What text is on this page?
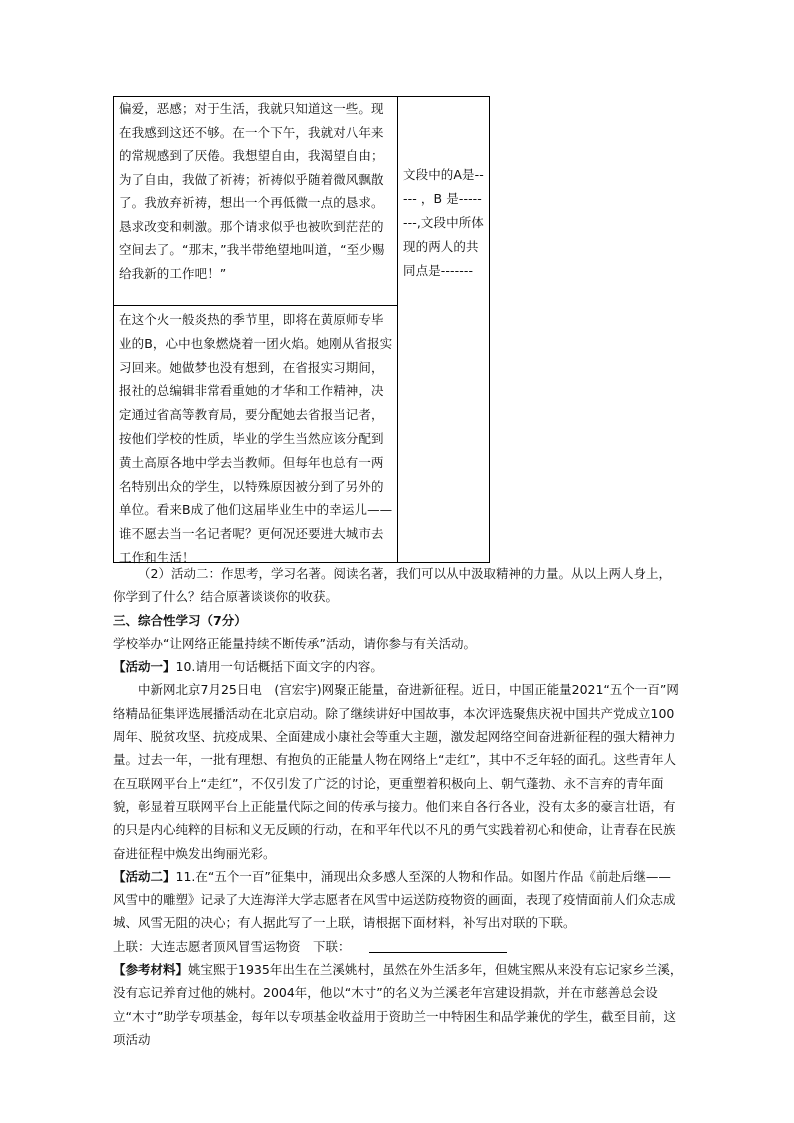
偏爱，恶感；对于生活，我就只知道这一些。现在我感到这还不够。在一个下午，我就对八年来的常规感到了厌倦。我想望自由，我渴望自由；为了自由，我做了祈祷；祈祷似乎随着微风飘散了。我放弃祈祷，想出一个再低微一点的恳求。恳求改变和刺激。那个请求似乎也被吹到茫茫的空间去了。“那末，”我半带绝望地叫道，“至少赐给我新的工作吧！”
在这个火一般炎热的季节里，即将在黄原师专毕业的B，心中也象燃烧着一团火焰。她刚从省报实习回来。她做梦也没有想到，在省报实习期间，报社的总编辑非常看重她的才华和工作精神，决定通过省高等教育局，要分配她去省报当记者，按他们学校的性质，毕业的学生当然应该分配到黄土高原各地中学去当教师。但每年也总有一两名特别出众的学生，以特殊原因被分到了另外的单位。看来B成了他们这届毕业生中的幸运儿——谁不愿去当一名记者呢？更何况还要进大城市去工作和生活！
文段中的A是----- ，B 是--------,文段中所体现的两人的共同点是-------

（2）活动二：作思考，学习名著。阅读名著，我们可以从中汲取精神的力量。从以上两人身上，你学到了什么？结合原著谈谈你的收获。

三、综合性学习（7分）

学校举办“让网络正能量持续不断传承”活动，请你参与有关活动。

【活动一】10.请用一句话概括下面文字的内容。

中新网北京7月25日电　(宫宏宇)网聚正能量，奋进新征程。近日，中国正能量2021“五个一百”网络精品征集评选展播活动在北京启动。除了继续讲好中国故事，本次评选聚焦庆祝中国共产党成立100周年、脱贫攻坚、抗疫成果、全面建成小康社会等重大主题，激发起网络空间奋进新征程的强大精神力量。过去一年，一批有理想、有抱负的正能量人物在网络上“走红”，其中不乏年轻的面孔。这些青年人在互联网平台上“走红”，不仅引发了广泛的讨论，更重塑着积极向上、朝气蓬勃、永不言弃的青年面貌，彰显着互联网平台上正能量代际之间的传承与接力。他们来自各行各业，没有太多的豪言壮语，有的只是内心纯粹的目标和义无反顾的行动，在和平年代以不凡的勇气实践着初心和使命，让青春在民族奋进征程中焕发出绚丽光彩。

【活动二】11.在“五个一百”征集中，涌现出众多感人至深的人物和作品。如图片作品《前赴后继——风雪中的雕塑》记录了大连海洋大学志愿者在风雪中运送防疫物资的画面，表现了疫情面前人们众志成城、风雪无阻的决心；有人据此写了一上联，请根据下面材料，补写出对联的下联。

上联：大连志愿者顶风冒雪运物资　 下联：

【参考材料】姚宝熙于1935年出生在兰溪姚村，虽然在外生活多年，但姚宝熙从来没有忘记家乡兰溪，没有忘记养育过他的姚村。2004年，他以“木寸”的名义为兰溪老年宫建设捐款，并在市慈善总会设立“木寸”助学专项基金，每年以专项基金收益用于资助兰一中特困生和品学兼优的学生，截至目前，这项活动
